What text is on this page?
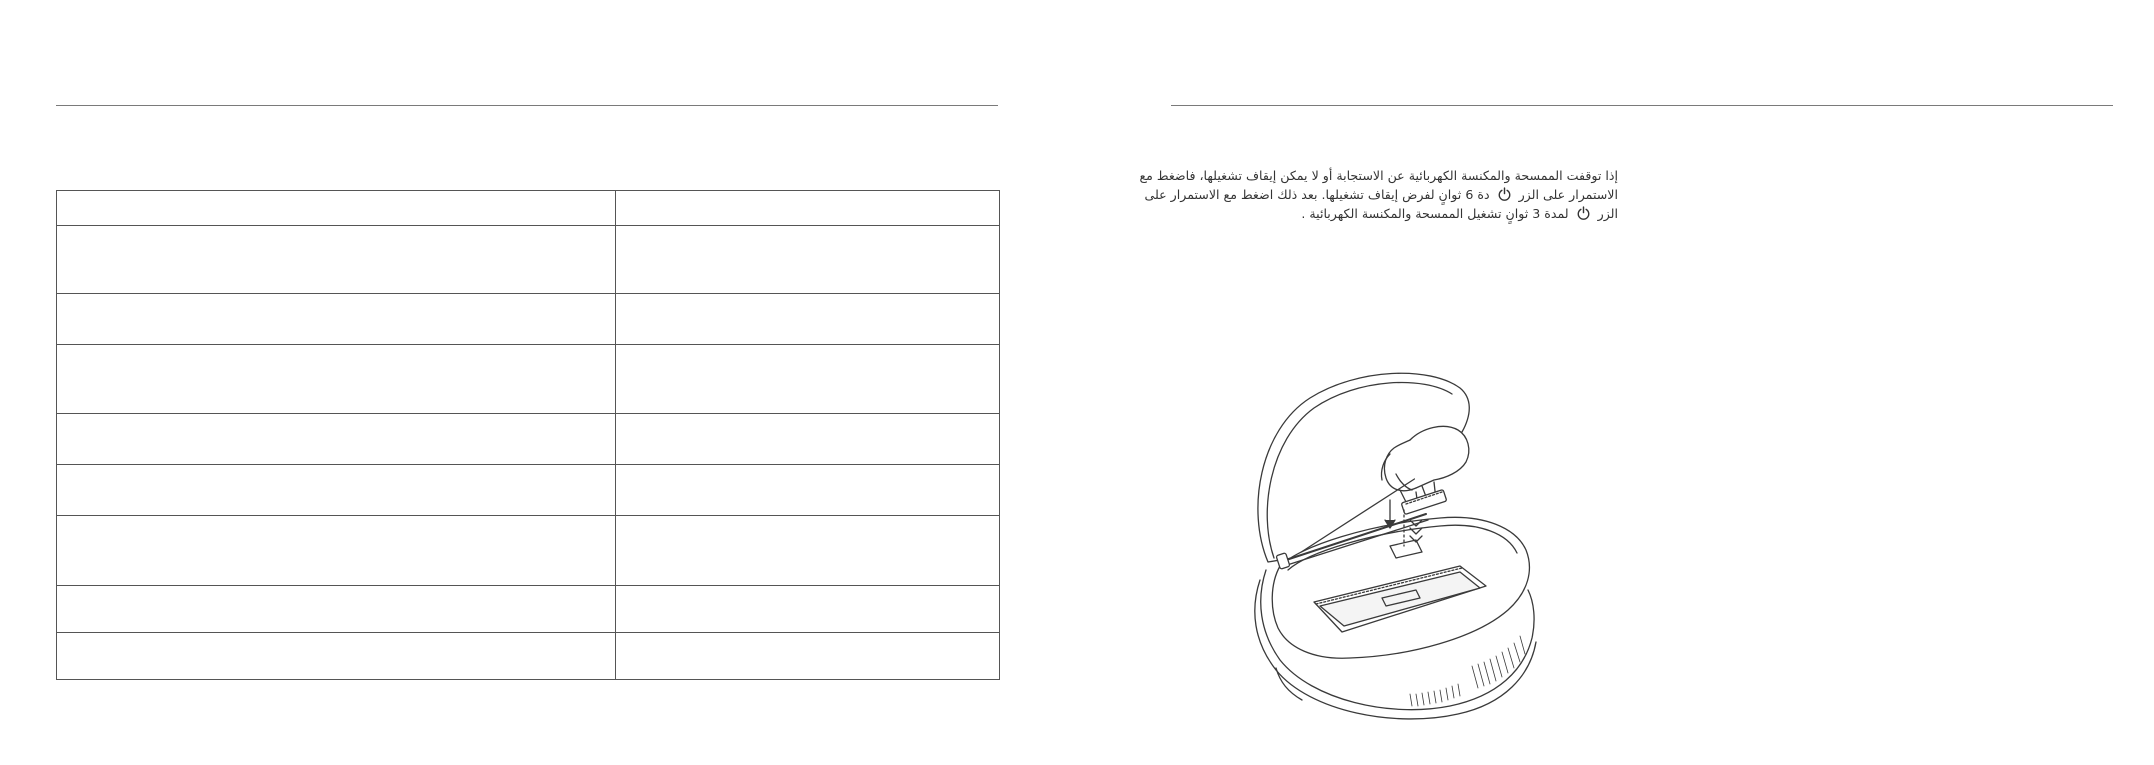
إذا توقفت الممسحة والمكنسة الكهربائية عن الاستجابة أو لا يمكن إيقاف تشغيلها، فاضغط مع
الاستمرار على الزر  دة 6 ثوانٍ لفرض إيقاف تشغيلها. بعد ذلك اضغط مع الاستمرار على
الزر  لمدة 3 ثوانٍ تشغيل الممسحة والمكنسة الكهربائية .
